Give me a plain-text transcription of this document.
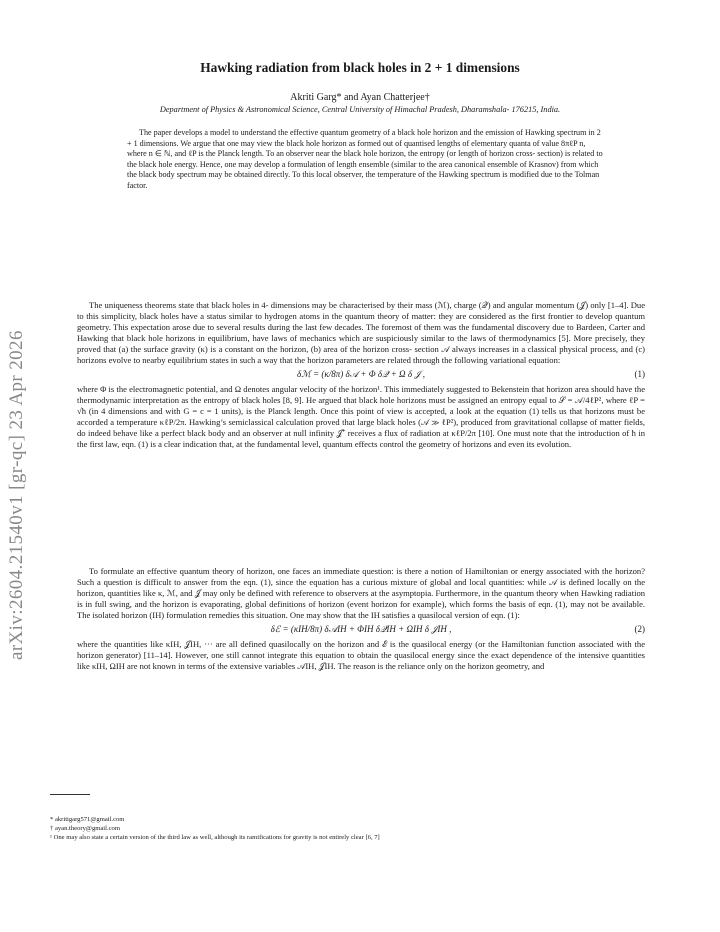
arXiv:2604.21540v1 [gr-qc] 23 Apr 2026
Hawking radiation from black holes in 2 + 1 dimensions
Akriti Garg* and Ayan Chatterjee†
Department of Physics & Astronomical Science, Central University of Himachal Pradesh, Dharamshala- 176215, India.

The paper develops a model to understand the effective quantum geometry of a black hole horizon and the emission of Hawking spectrum in 2 + 1 dimensions. We argue that one may view the black hole horizon as formed out of quantised lengths of elementary quanta of value 8πℓP n, where n ∈ ℕ, and ℓP is the Planck length. To an observer near the black hole horizon, the entropy (or length of horizon cross- section) is related to the black hole energy. Hence, one may develop a formulation of length ensemble (similar to the area canonical ensemble of Krasnov) from which the black body spectrum may be obtained directly. To this local observer, the temperature of the Hawking spectrum is modified due to the Tolman factor.

The uniqueness theorems state that black holes in 4- dimensions may be characterised by their mass (ℳ), charge (𝒬) and angular momentum (𝒥) only [1–4]. Due to this simplicity, black holes have a status similar to hydrogen atoms in the quantum theory of matter: they are considered as the first frontier to develop quantum geometry. This expectation arose due to several results during the last few decades. The foremost of them was the fundamental discovery due to Bardeen, Carter and Hawking that black hole horizons in equilibrium, have laws of mechanics which are suspiciously similar to the laws of thermodynamics [5]. More precisely, they proved that (a) the surface gravity (κ) is a constant on the horizon, (b) area of the horizon cross- section 𝒜 always increases in a classical physical process, and (c) horizons evolve to nearby equilibrium states in such a way that the horizon parameters are related through the following variational equation:

δℳ = (κ/8π) δ𝒜 + Φ δ𝒬 + Ω δ 𝒥 ,	(1)

where Φ is the electromagnetic potential, and Ω denotes angular velocity of the horizon¹. This immediately suggested to Bekenstein that horizon area should have the thermodynamic interpretation as the entropy of black holes [8, 9]. He argued that black hole horizons must be assigned an entropy equal to 𝒮 = 𝒜/4ℓP², where ℓP = √ħ (in 4 dimensions and with G = c = 1 units), is the Planck length. Once this point of view is accepted, a look at the equation (1) tells us that horizons must be accorded a temperature κℓP/2π. Hawking’s semiclassical calculation proved that large black holes (𝒜 ≫ ℓP²), produced from gravitational collapse of matter fields, do indeed behave like a perfect black body and an observer at null infinity 𝒥⁺ receives a flux of radiation at κℓP/2π [10]. One must note that the introduction of ħ in the first law, eqn. (1) is a clear indication that, at the fundamental level, quantum effects control the geometry of horizons and even its evolution.

To formulate an effective quantum theory of horizon, one faces an immediate question: is there a notion of Hamiltonian or energy associated with the horizon? Such a question is difficult to answer from the eqn. (1), since the equation has a curious mixture of global and local quantities: while 𝒜 is defined locally on the horizon, quantities like κ, ℳ, and 𝒥 may only be defined with reference to observers at the asymptopia. Furthermore, in the quantum theory when Hawking radiation is in full swing, and the horizon is evaporating, global definitions of horizon (event horizon for example), which forms the basis of eqn. (1), may not be available. The isolated horizon (IH) formulation remedies this situation. One may show that the IH satisfies a quasilocal version of eqn. (1):

δℰ = (κIH/8π) δ𝒜IH + ΦIH δ𝒬IH + ΩIH δ 𝒥IH ,	(2)

where the quantities like κIH, 𝒥IH, ··· are all defined quasilocally on the horizon and ℰ is the quasilocal energy (or the Hamiltonian function associated with the horizon generator) [11–14]. However, one still cannot integrate this equation to obtain the quasilocal energy since the exact dependence of the intensive quantities like κIH, ΩIH are not known in terms of the extensive variables 𝒜IH, 𝒥IH. The reason is the reliance only on the horizon geometry, and

* akritigarg571@gmail.com
† ayan.theory@gmail.com
¹ One may also state a certain version of the third law as well, although its ramifications for gravity is not entirely clear [6, 7]
